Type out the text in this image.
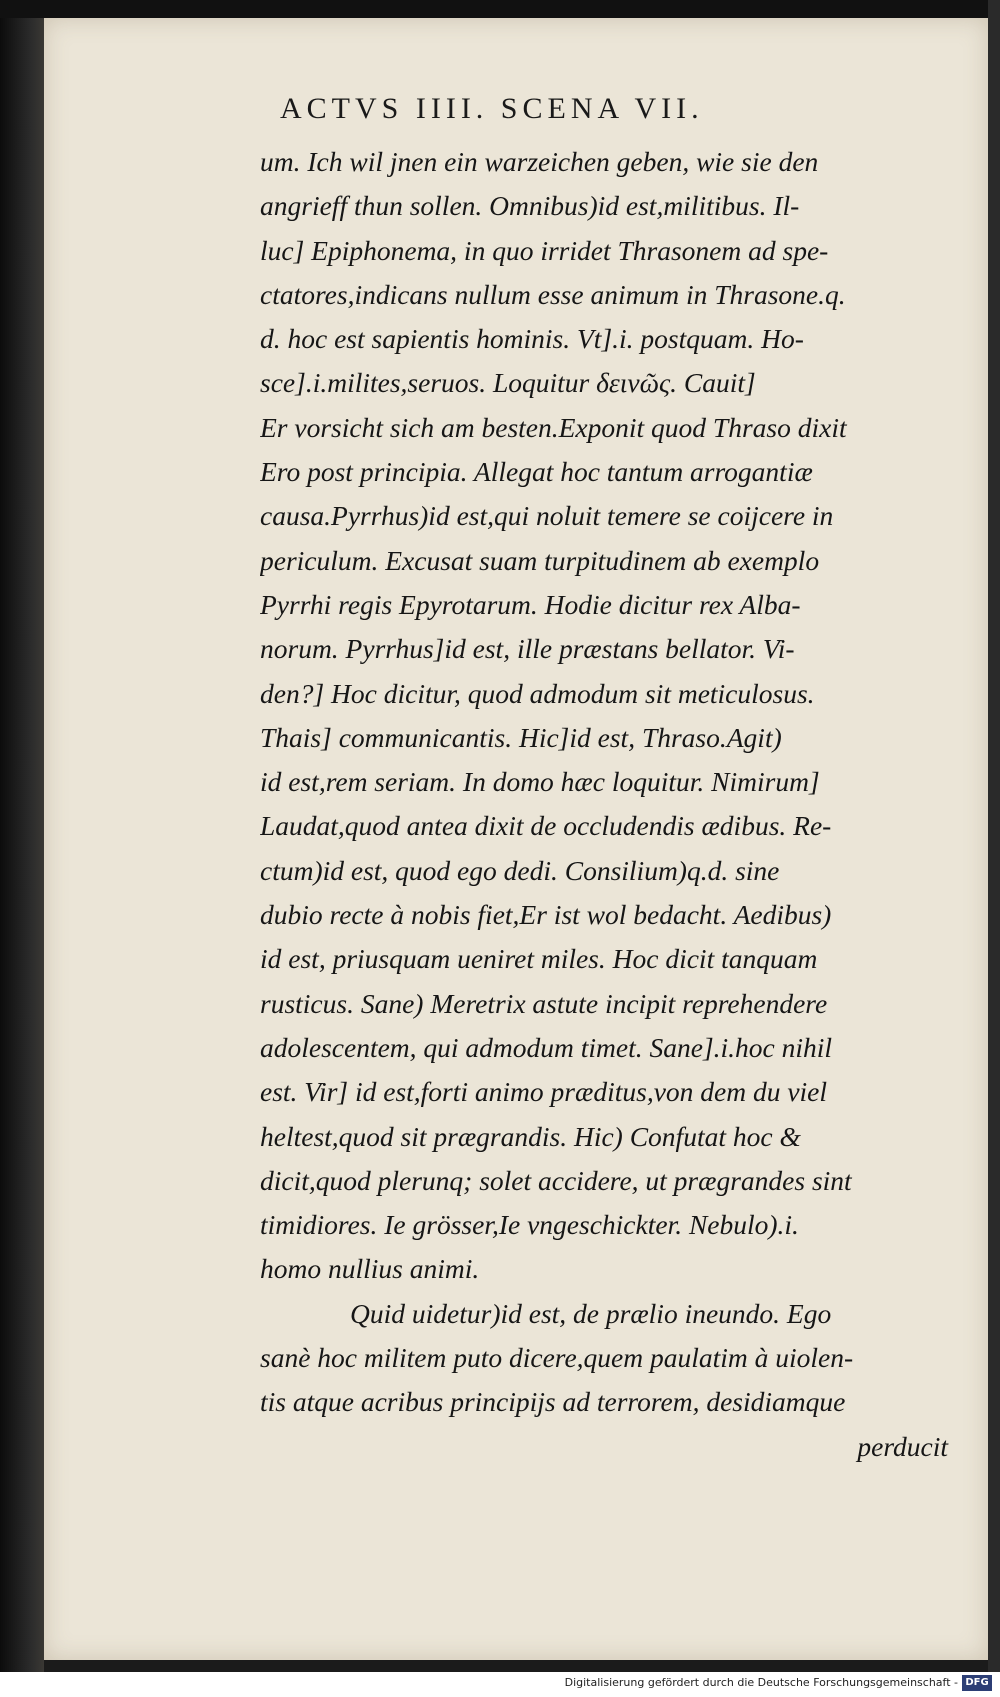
ACTVS IIII. SCENA VII.
um. Ich wil jnen ein warzeichen geben, wie sie den
angrieff thun sollen. Omnibus)id est,militibus. Il-
luc] Epiphonema, in quo irridet Thrasonem ad spe-
ctatores,indicans nullum esse animum in Thrasone.q.
d. hoc est sapientis hominis. Vt].i. postquam. Ho-
sce].i.milites,seruos. Loquitur δεινῶς. Cauit]
Er vorsicht sich am besten.Exponit quod Thraso dixit
Ero post principia. Allegat hoc tantum arrogantiæ
causa.Pyrrhus)id est,qui noluit temere se coijcere in
periculum. Excusat suam turpitudinem ab exemplo
Pyrrhi regis Epyrotarum. Hodie dicitur rex Alba-
norum. Pyrrhus]id est, ille præstans bellator. Vi-
den?] Hoc dicitur, quod admodum sit meticulosus.
Thais] communicantis. Hic]id est, Thraso.Agit)
id est,rem seriam. In domo hæc loquitur. Nimirum]
Laudat,quod antea dixit de occludendis ædibus. Re-
ctum)id est, quod ego dedi. Consilium)q.d. sine
dubio recte à nobis fiet,Er ist wol bedacht. Aedibus)
id est, priusquam ueniret miles. Hoc dicit tanquam
rusticus. Sane) Meretrix astute incipit reprehendere
adolescentem, qui admodum timet. Sane].i.hoc nihil
est. Vir] id est,forti animo præditus,von dem du viel
heltest,quod sit prægrandis. Hic) Confutat hoc &
dicit,quod plerunq; solet accidere, ut prægrandes sint
timidiores. Ie grösser,Ie vngeschickter. Nebulo).i.
homo nullius animi.
Quid uidetur)id est, de prælio ineundo. Ego
sanè hoc militem puto dicere,quem paulatim à uiolen-
tis atque acribus principijs ad terrorem, desidiamque
perducit
Digitalisierung gefördert durch die Deutsche Forschungsgemeinschaft - DFG
